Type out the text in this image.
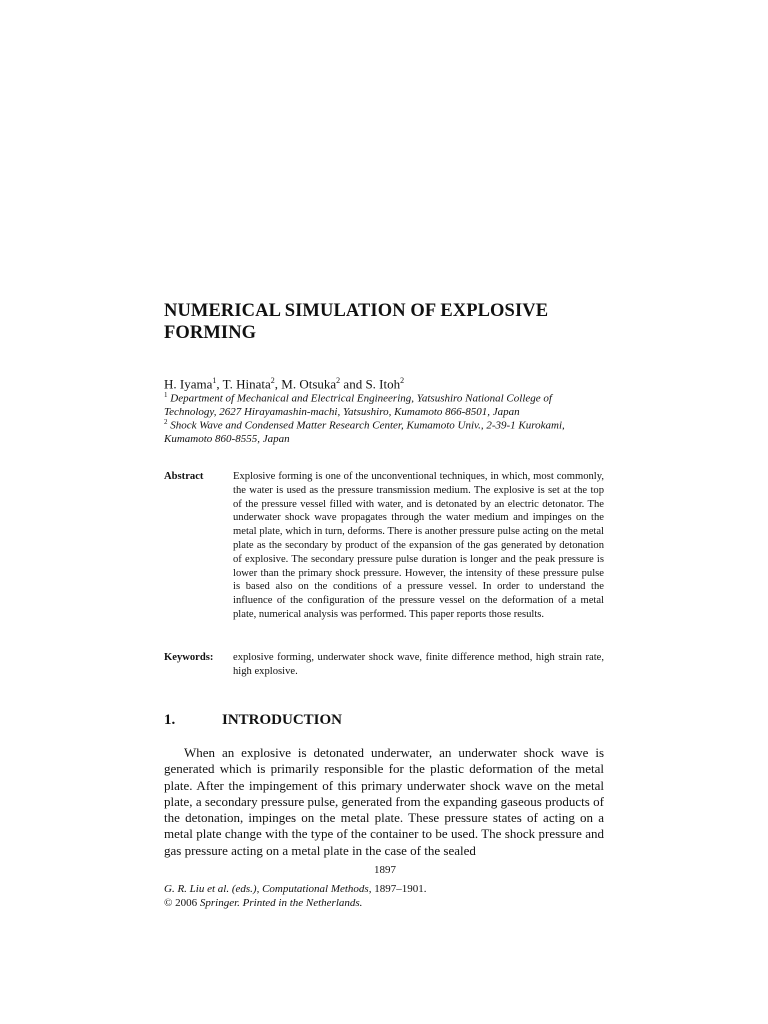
NUMERICAL SIMULATION OF EXPLOSIVE FORMING
H. Iyama$^1$, T. Hinata$^2$, M. Otsuka$^2$ and S. Itoh$^2$
$^1$ Department of Mechanical and Electrical Engineering, Yatsushiro National College of Technology, 2627 Hirayamashin-machi, Yatsushiro, Kumamoto 866-8501, Japan
$^2$ Shock Wave and Condensed Matter Research Center, Kumamoto Univ., 2-39-1 Kurokami, Kumamoto 860-8555, Japan
Abstract	Explosive forming is one of the unconventional techniques, in which, most commonly, the water is used as the pressure transmission medium. The explosive is set at the top of the pressure vessel filled with water, and is detonated by an electric detonator. The underwater shock wave propagates through the water medium and impinges on the metal plate, which in turn, deforms. There is another pressure pulse acting on the metal plate as the secondary by product of the expansion of the gas generated by detonation of explosive. The secondary pressure pulse duration is longer and the peak pressure is lower than the primary shock pressure. However, the intensity of these pressure pulse is based also on the conditions of a pressure vessel. In order to understand the influence of the configuration of the pressure vessel on the deformation of a metal plate, numerical analysis was performed. This paper reports those results.
Keywords:	explosive forming, underwater shock wave, finite difference method, high strain rate, high explosive.
1.	INTRODUCTION

When an explosive is detonated underwater, an underwater shock wave is generated which is primarily responsible for the plastic deformation of the metal plate. After the impingement of this primary underwater shock wave on the metal plate, a secondary pressure pulse, generated from the expanding gaseous products of the detonation, impinges on the metal plate. These pressure states of acting on a metal plate change with the type of the container to be used. The shock pressure and gas pressure acting on a metal plate in the case of the sealed

1897
G. R. Liu et al. (eds.), Computational Methods, 1897–1901.
© 2006 Springer. Printed in the Netherlands.
